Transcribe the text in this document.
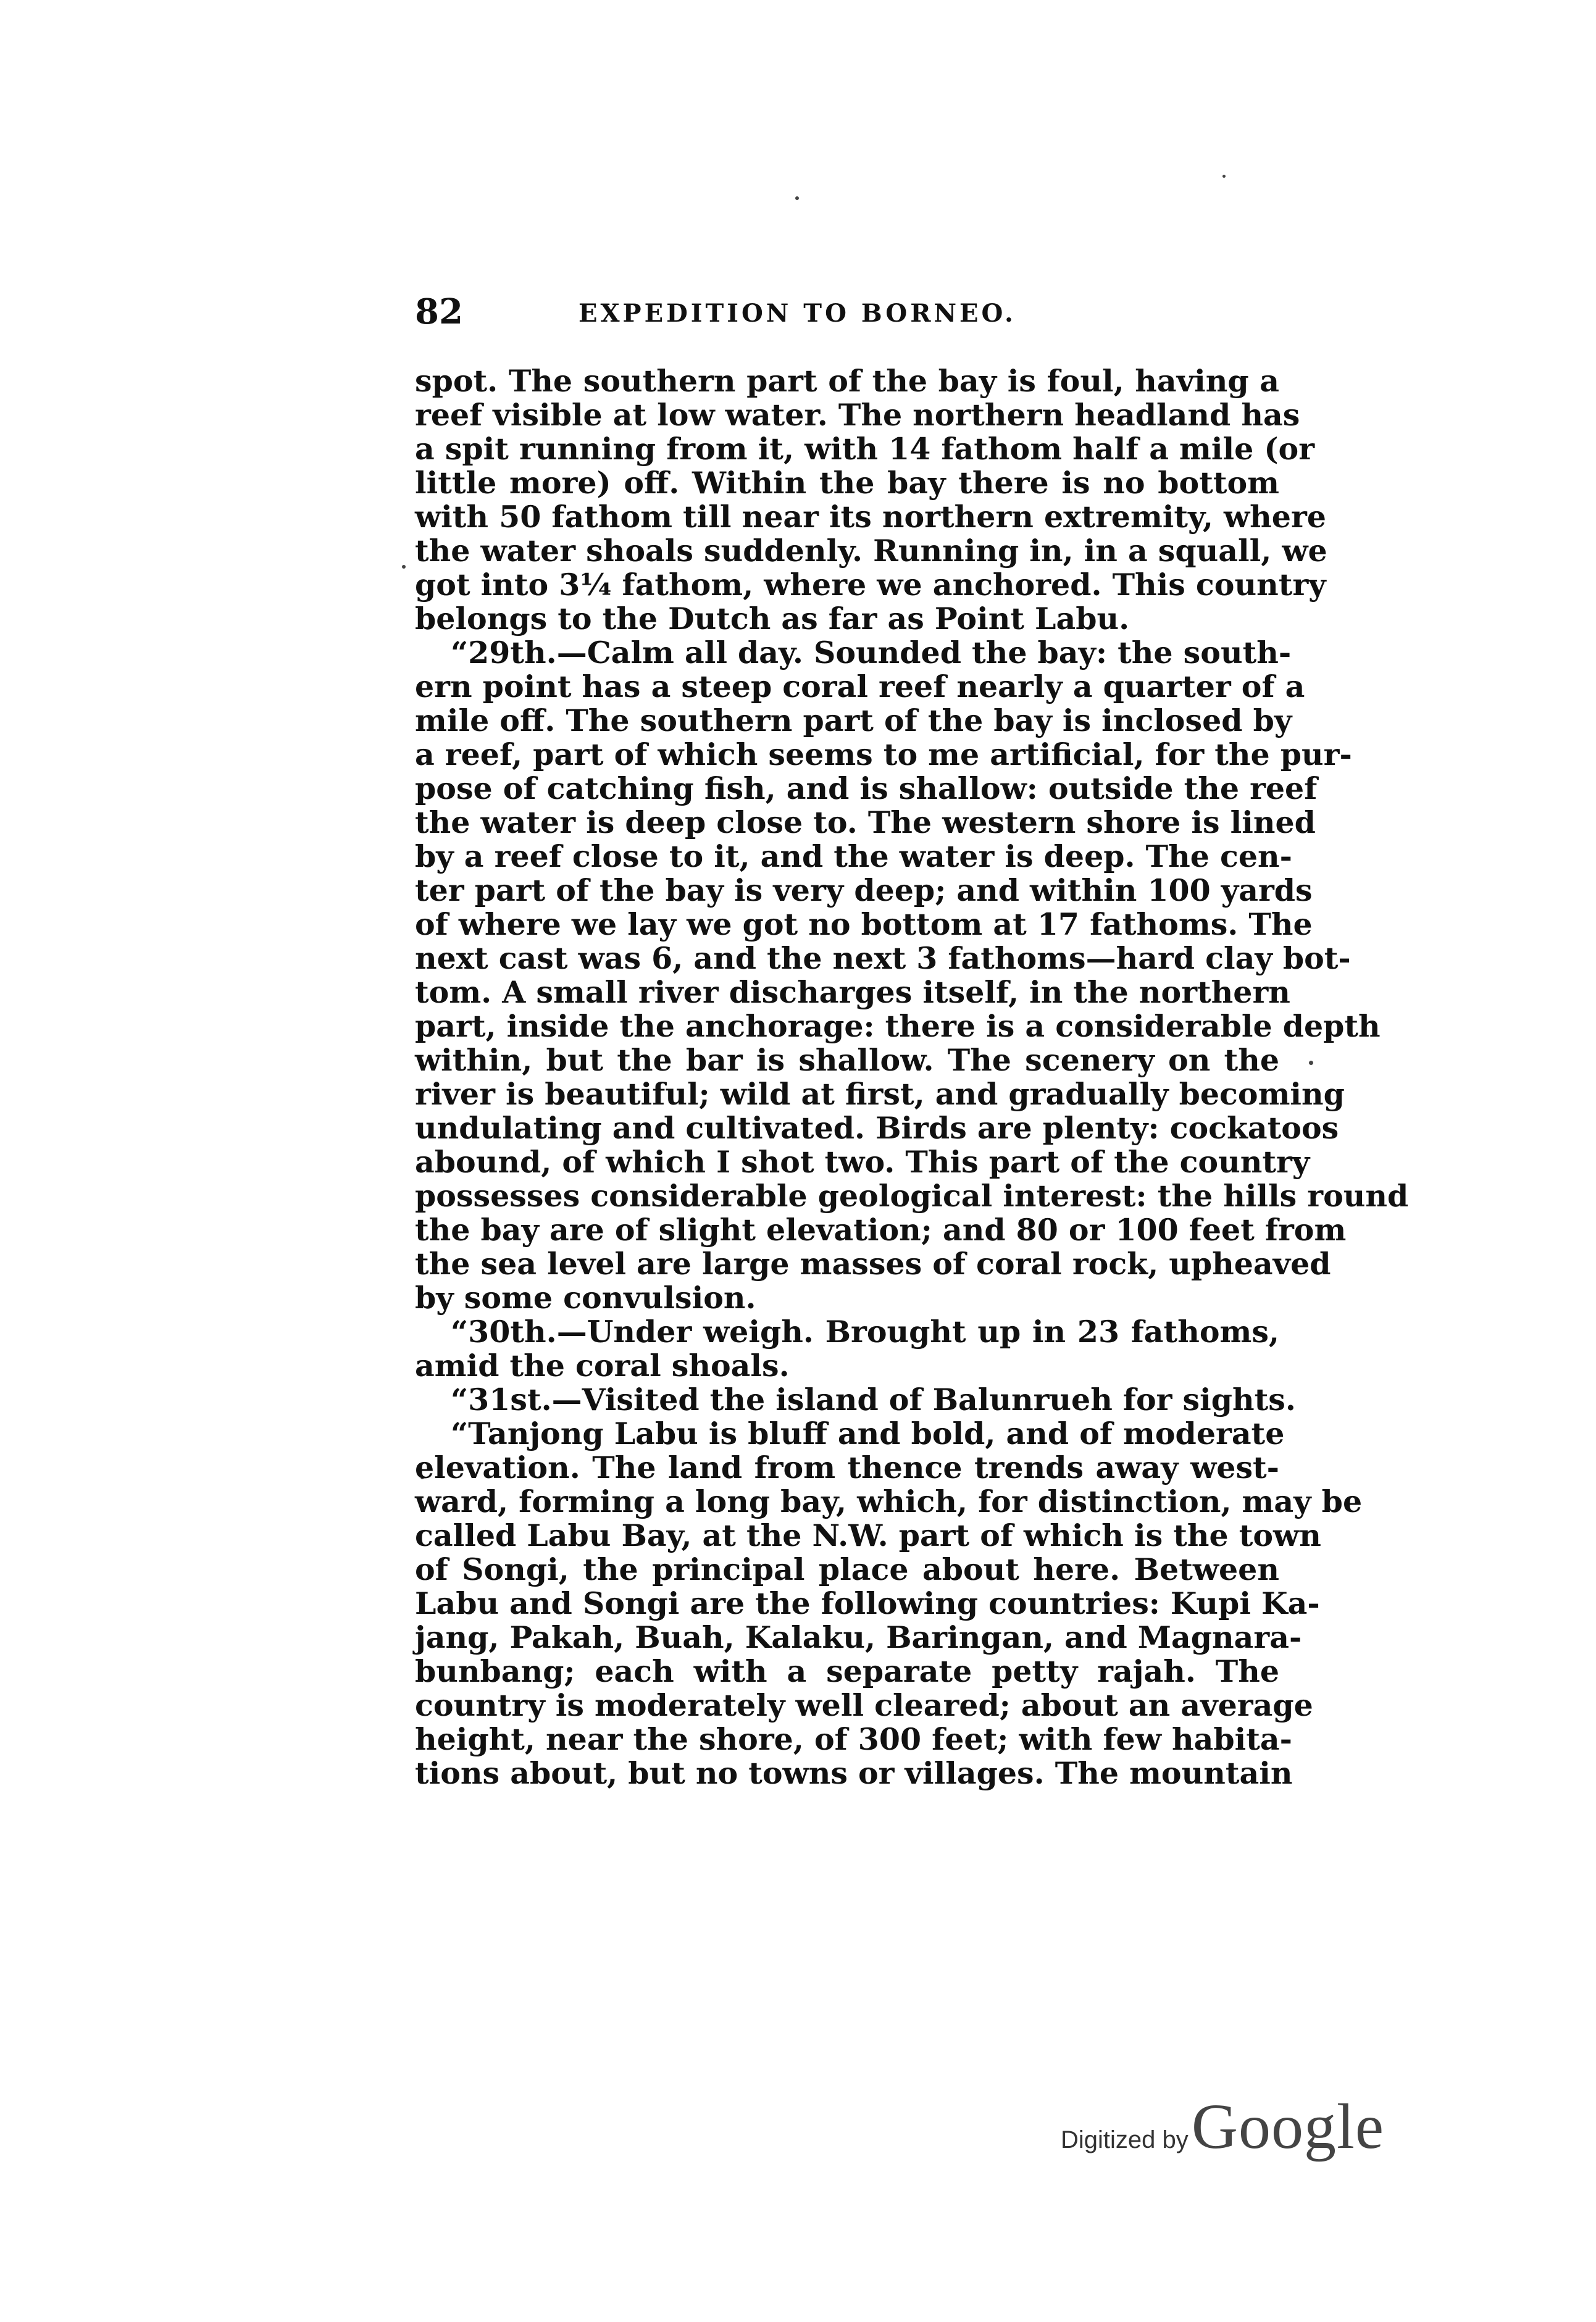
82	EXPEDITION TO BORNEO.
spot. The southern part of the bay is foul, having a
reef visible at low water. The northern headland has
a spit running from it, with 14 fathom half a mile (or
little more) off. Within the bay there is no bottom
with 50 fathom till near its northern extremity, where
the water shoals suddenly. Running in, in a squall, we
got into 3¼ fathom, where we anchored. This country
belongs to the Dutch as far as Point Labu.
“29th.—Calm all day. Sounded the bay: the south-
ern point has a steep coral reef nearly a quarter of a
mile off. The southern part of the bay is inclosed by
a reef, part of which seems to me artificial, for the pur-
pose of catching fish, and is shallow: outside the reef
the water is deep close to. The western shore is lined
by a reef close to it, and the water is deep. The cen-
ter part of the bay is very deep; and within 100 yards
of where we lay we got no bottom at 17 fathoms. The
next cast was 6, and the next 3 fathoms—hard clay bot-
tom. A small river discharges itself, in the northern
part, inside the anchorage: there is a considerable depth
within, but the bar is shallow. The scenery on the
river is beautiful; wild at first, and gradually becoming
undulating and cultivated. Birds are plenty: cockatoos
abound, of which I shot two. This part of the country
possesses considerable geological interest: the hills round
the bay are of slight elevation; and 80 or 100 feet from
the sea level are large masses of coral rock, upheaved
by some convulsion.
“30th.—Under weigh. Brought up in 23 fathoms,
amid the coral shoals.
“31st.—Visited the island of Balunrueh for sights.
“Tanjong Labu is bluff and bold, and of moderate
elevation. The land from thence trends away west-
ward, forming a long bay, which, for distinction, may be
called Labu Bay, at the N.W. part of which is the town
of Songi, the principal place about here. Between
Labu and Songi are the following countries: Kupi Ka-
jang, Pakah, Buah, Kalaku, Baringan, and Magnara-
bunbang; each with a separate petty rajah. The
country is moderately well cleared; about an average
height, near the shore, of 300 feet; with few habita-
tions about, but no towns or villages. The mountain
Digitized by Google
